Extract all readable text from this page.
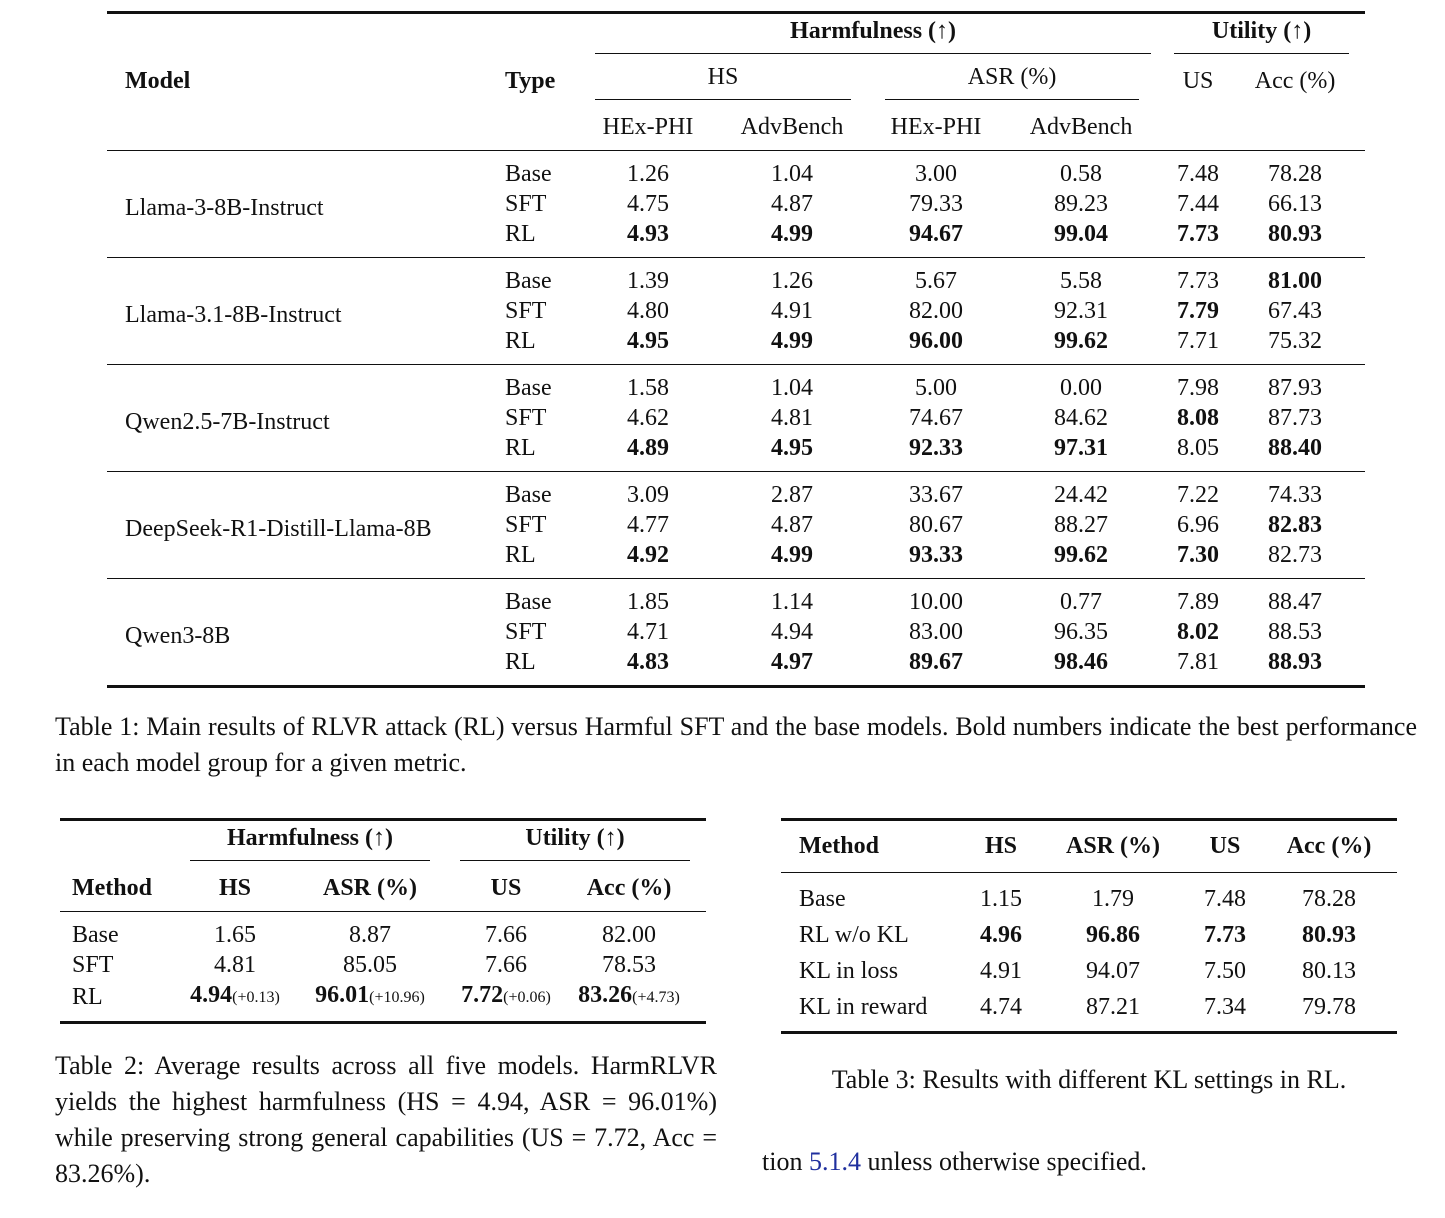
		Harmfulness (↑)				Utility (↑)	

Model	Type	HS		ASR (%)		US	Acc (%)
		HEx-PHI	AdvBench	HEx-PHI	AdvBench		
Llama-3-8B-Instruct	Base	1.26	1.04	3.00	0.58	7.48	78.28
	SFT	4.75	4.87	79.33	89.23	7.44	66.13
	RL	4.93	4.99	94.67	99.04	7.73	80.93
Llama-3.1-8B-Instruct	Base	1.39	1.26	5.67	5.58	7.73	81.00
	SFT	4.80	4.91	82.00	92.31	7.79	67.43
	RL	4.95	4.99	96.00	99.62	7.71	75.32
Qwen2.5-7B-Instruct	Base	1.58	1.04	5.00	0.00	7.98	87.93
	SFT	4.62	4.81	74.67	84.62	8.08	87.73
	RL	4.89	4.95	92.33	97.31	8.05	88.40
DeepSeek-R1-Distill-Llama-8B	Base	3.09	2.87	33.67	24.42	7.22	74.33
	SFT	4.77	4.87	80.67	88.27	6.96	82.83
	RL	4.92	4.99	93.33	99.62	7.30	82.73
Qwen3-8B	Base	1.85	1.14	10.00	0.77	7.89	88.47
	SFT	4.71	4.94	83.00	96.35	8.02	88.53
	RL	4.83	4.97	89.67	98.46	7.81	88.93
Table 1: Main results of RLVR attack (RL) versus Harmful SFT and the base models. Bold numbers indicate the best performance in each model group for a given metric.

	Harmfulness (↑)		Utility (↑)	

Method	HS	ASR (%)	US	Acc (%)
Base	1.65	8.87	7.66	82.00
SFT	4.81	85.05	7.66	78.53
RL	4.94(+0.13)	96.01(+10.96)	7.72(+0.06)	83.26(+4.73)
Table 2: Average results across all five models. HarmRLVR yields the highest harmfulness (HS = 4.94, ASR = 96.01%) while preserving strong general capabilities (US = 7.72, Acc = 83.26%).
Method	HS	ASR (%)	US	Acc (%)
Base	1.15	1.79	7.48	78.28
RL w/o KL	4.96	96.86	7.73	80.93
KL in loss	4.91	94.07	7.50	80.13
KL in reward	4.74	87.21	7.34	79.78
Table 3: Results with different KL settings in RL.
tion 5.1.4 unless otherwise specified.
